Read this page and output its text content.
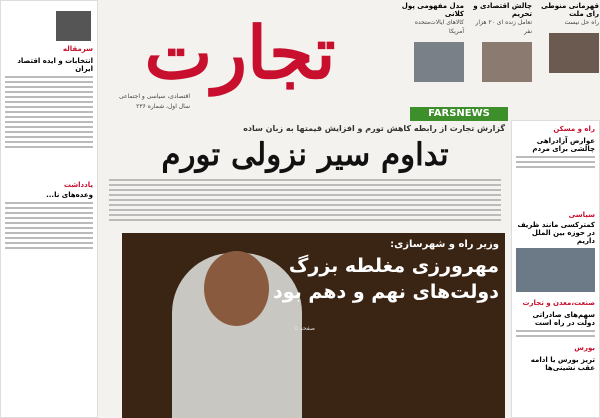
تجارت
اقتصادی، سیاسی و اجتماعی
سال اول، شماره ۲۳۶
قهرمانی منوطی رای ملت
راه حل نیست
چالش اقتصادی و تحریم
تعامل زنده ای ۲۰ هزار نفر
مدل مفهومی پول کلانی
کالاهای ایالات‌متحده آمریکا
سرمقاله
انتخابات و ایده اقتصاد ایران
یادداشت
وعده‌های نا...
راه و مسکن
عوارض آزادراهی چالشی برای مردم
سیاسی
کمترکسی مانند ظریف در حوزه بین الملل داریم
صنعت،معدن و تجارت
سهم‌های صادراتی دولت در راه است
بورس
تریز بورس با ادامه عقب نشینی‌ها
گزارش تجارت از رابطه کاهش تورم و افزایش قیمتها به زبان ساده
تداوم سیر نزولی تورم
وزیر راه و شهرسازی:
مهرورزی مغلطه بزرگ
دولت‌های نهم و دهم بود
صفحه ۵
FARSNEWS
